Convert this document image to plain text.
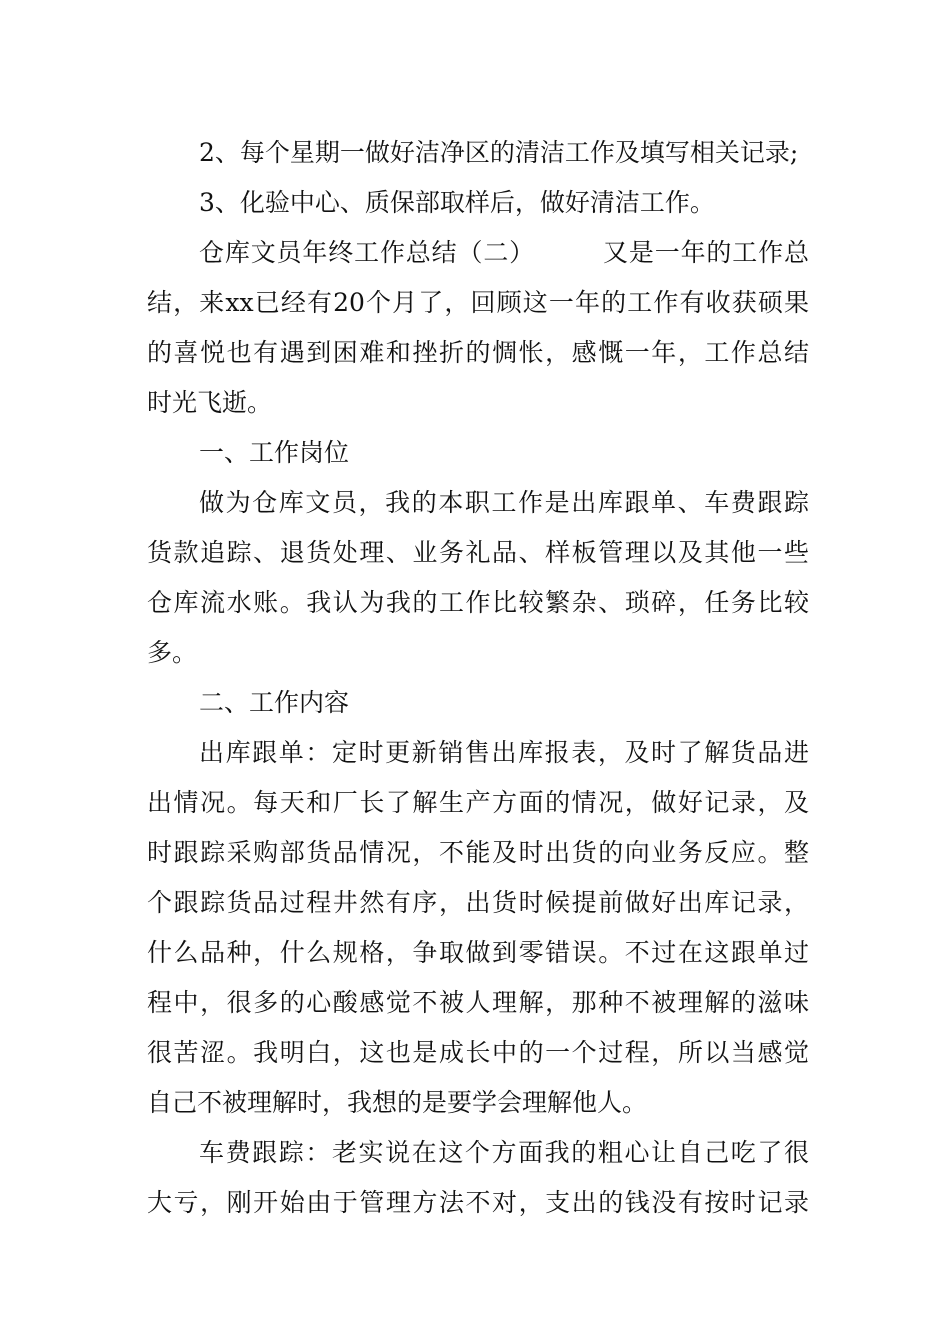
2、每个星期一做好洁净区的清洁工作及填写相关记录;
3、化验中心、质保部取样后，做好清洁工作。
仓库文员年终工作总结（二）	又是一年的工作总
结，来xx已经有20个月了，回顾这一年的工作有收获硕果
的喜悦也有遇到困难和挫折的惆怅，感慨一年，工作总结
时光飞逝。
一、工作岗位
做为仓库文员，我的本职工作是出库跟单、车费跟踪
货款追踪、退货处理、业务礼品、样板管理以及其他一些
仓库流水账。我认为我的工作比较繁杂、琐碎，任务比较
多。
二、工作内容
出库跟单：定时更新销售出库报表，及时了解货品进
出情况。每天和厂长了解生产方面的情况，做好记录，及
时跟踪采购部货品情况，不能及时出货的向业务反应。整
个跟踪货品过程井然有序，出货时候提前做好出库记录，
什么品种，什么规格，争取做到零错误。不过在这跟单过
程中，很多的心酸感觉不被人理解，那种不被理解的滋味
很苦涩。我明白，这也是成长中的一个过程，所以当感觉
自己不被理解时，我想的是要学会理解他人。
车费跟踪：老实说在这个方面我的粗心让自己吃了很
大亏，刚开始由于管理方法不对，支出的钱没有按时记录
